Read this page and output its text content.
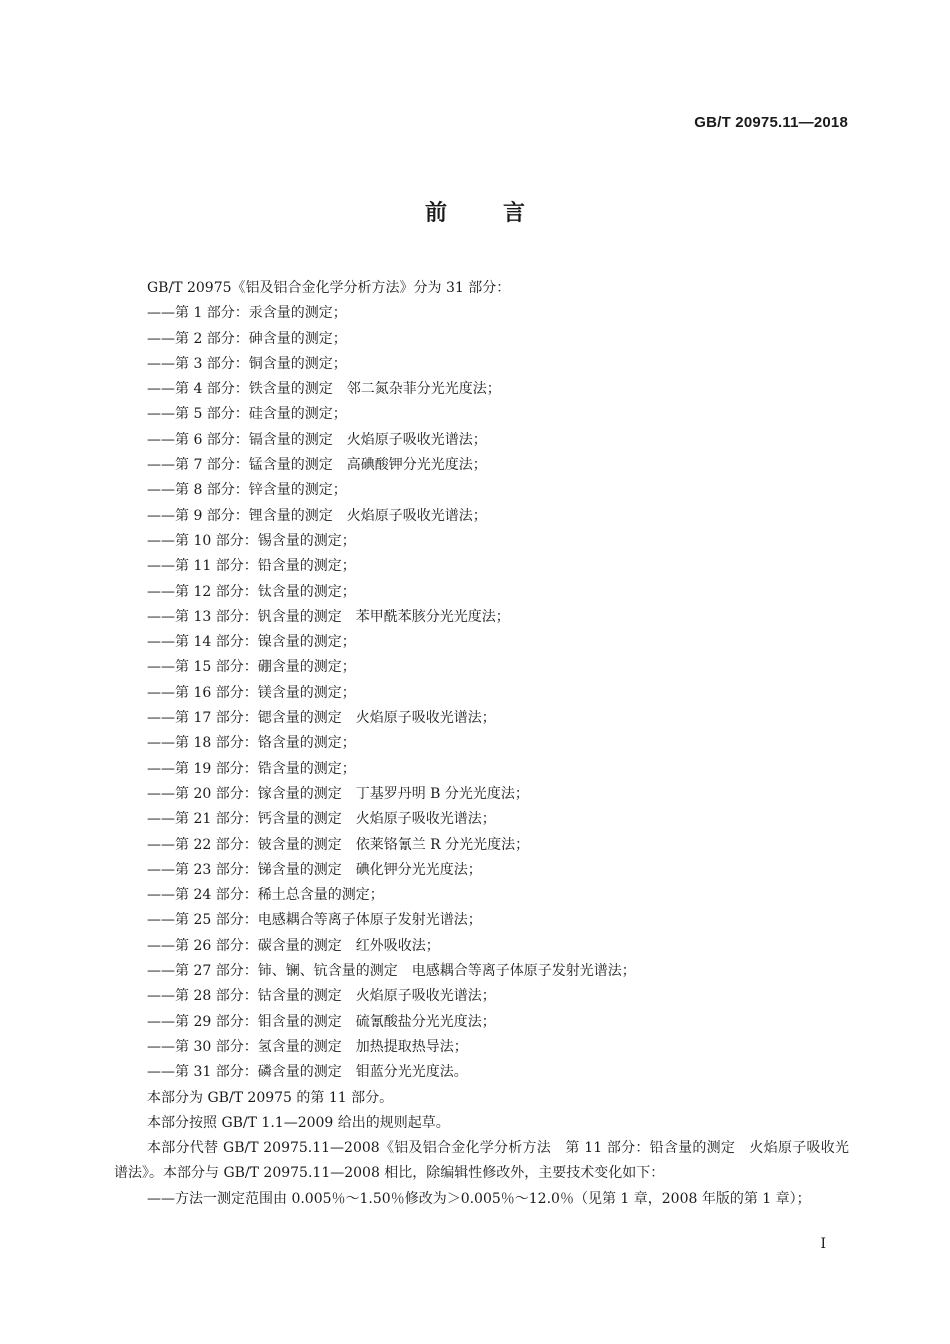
GB/T 20975.11—2018
前言

GB/T 20975《铝及铝合金化学分析方法》分为 31 部分：

——第 1 部分：汞含量的测定；

——第 2 部分：砷含量的测定；

——第 3 部分：铜含量的测定；

——第 4 部分：铁含量的测定　邻二氮杂菲分光光度法；

——第 5 部分：硅含量的测定；

——第 6 部分：镉含量的测定　火焰原子吸收光谱法；

——第 7 部分：锰含量的测定　高碘酸钾分光光度法；

——第 8 部分：锌含量的测定；

——第 9 部分：锂含量的测定　火焰原子吸收光谱法；

——第 10 部分：锡含量的测定；

——第 11 部分：铅含量的测定；

——第 12 部分：钛含量的测定；

——第 13 部分：钒含量的测定　苯甲酰苯胲分光光度法；

——第 14 部分：镍含量的测定；

——第 15 部分：硼含量的测定；

——第 16 部分：镁含量的测定；

——第 17 部分：锶含量的测定　火焰原子吸收光谱法；

——第 18 部分：铬含量的测定；

——第 19 部分：锆含量的测定；

——第 20 部分：镓含量的测定　丁基罗丹明 B 分光光度法；

——第 21 部分：钙含量的测定　火焰原子吸收光谱法；

——第 22 部分：铍含量的测定　依莱铬氰兰 R 分光光度法；

——第 23 部分：锑含量的测定　碘化钾分光光度法；

——第 24 部分：稀土总含量的测定；

——第 25 部分：电感耦合等离子体原子发射光谱法；

——第 26 部分：碳含量的测定　红外吸收法；

——第 27 部分：铈、镧、钪含量的测定　电感耦合等离子体原子发射光谱法；

——第 28 部分：钴含量的测定　火焰原子吸收光谱法；

——第 29 部分：钼含量的测定　硫氰酸盐分光光度法；

——第 30 部分：氢含量的测定　加热提取热导法；

——第 31 部分：磷含量的测定　钼蓝分光光度法。

本部分为 GB/T 20975 的第 11 部分。

本部分按照 GB/T 1.1—2009 给出的规则起草。

本部分代替 GB/T 20975.11—2008《铝及铝合金化学分析方法　第 11 部分：铅含量的测定　火焰原子吸收光谱法》。本部分与 GB/T 20975.11—2008 相比，除编辑性修改外，主要技术变化如下：

——方法一测定范围由 0.005％～1.50％修改为＞0.005％～12.0％（见第 1 章，2008 年版的第 1 章）；

I
